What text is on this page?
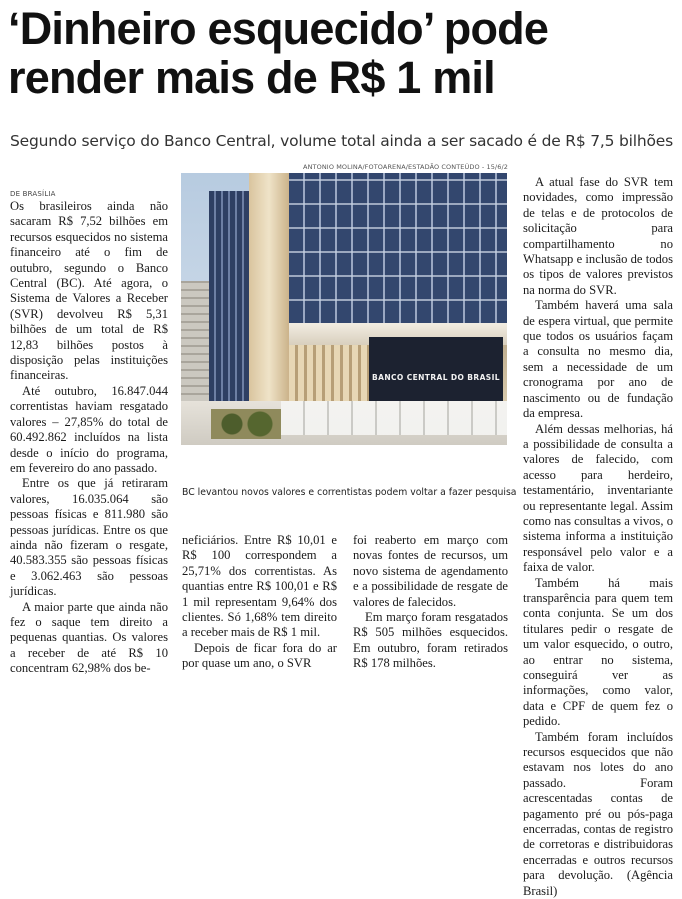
‘Dinheiro esquecido’ pode render mais de R$ 1 mil
Segundo serviço do Banco Central, volume total ainda a ser sacado é de R$ 7,5 bilhões
ANTONIO MOLINA/FOTOARENA/ESTADÃO CONTEÚDO - 15/6/2
DE BRASÍLIA

Os brasileiros ainda não sacaram R$ 7,52 bilhões em recursos esquecidos no sistema financeiro até o fim de outubro, segundo o Banco Central (BC). Até agora, o Sistema de Valores a Receber (SVR) devolveu R$ 5,31 bilhões de um total de R$ 12,83 bilhões postos à disposição pelas instituições financeiras.

Até outubro, 16.847.044 correntistas haviam resgatado valores – 27,85% do total de 60.492.862 incluídos na lista desde o início do programa, em fevereiro do ano passado.

Entre os que já retiraram valores, 16.035.064 são pessoas físicas e 811.980 são pessoas jurídicas. Entre os que ainda não fizeram o resgate, 40.583.355 são pessoas físicas e 3.062.463 são pessoas jurídicas.

A maior parte que ainda não fez o saque tem direito a pequenas quantias. Os valores a receber de até R$ 10 concentram 62,98% dos be-

BANCO CENTRAL DO BRASIL
BC levantou novos valores e correntistas podem voltar a fazer pesquisa

neficiários. Entre R$ 10,01 e R$ 100 correspondem a 25,71% dos correntistas. As quantias entre R$ 100,01 e R$ 1 mil representam 9,64% dos clientes. Só 1,68% tem direito a receber mais de R$ 1 mil.

Depois de ficar fora do ar por quase um ano, o SVR

foi reaberto em março com novas fontes de recursos, um novo sistema de agendamento e a possibilidade de resgate de valores de falecidos.

Em março foram resgatados R$ 505 milhões esquecidos. Em outubro, foram retirados R$ 178 milhões.

A atual fase do SVR tem novidades, como impressão de telas e de protocolos de solicitação para compartilhamento no Whatsapp e inclusão de todos os tipos de valores previstos na norma do SVR.

Também haverá uma sala de espera virtual, que permite que todos os usuários façam a consulta no mesmo dia, sem a necessidade de um cronograma por ano de nascimento ou de fundação da empresa.

Além dessas melhorias, há a possibilidade de consulta a valores de falecido, com acesso para herdeiro, testamentário, inventariante ou representante legal. Assim como nas consultas a vivos, o sistema informa a instituição responsável pelo valor e a faixa de valor.

Também há mais transparência para quem tem conta conjunta. Se um dos titulares pedir o resgate de um valor esquecido, o outro, ao entrar no sistema, conseguirá ver as informações, como valor, data e CPF de quem fez o pedido.

Também foram incluídos recursos esquecidos que não estavam nos lotes do ano passado. Foram acrescentadas contas de pagamento pré ou pós-paga encerradas, contas de registro de corretoras e distribuidoras encerradas e outros recursos para devolução. (Agência Brasil)
